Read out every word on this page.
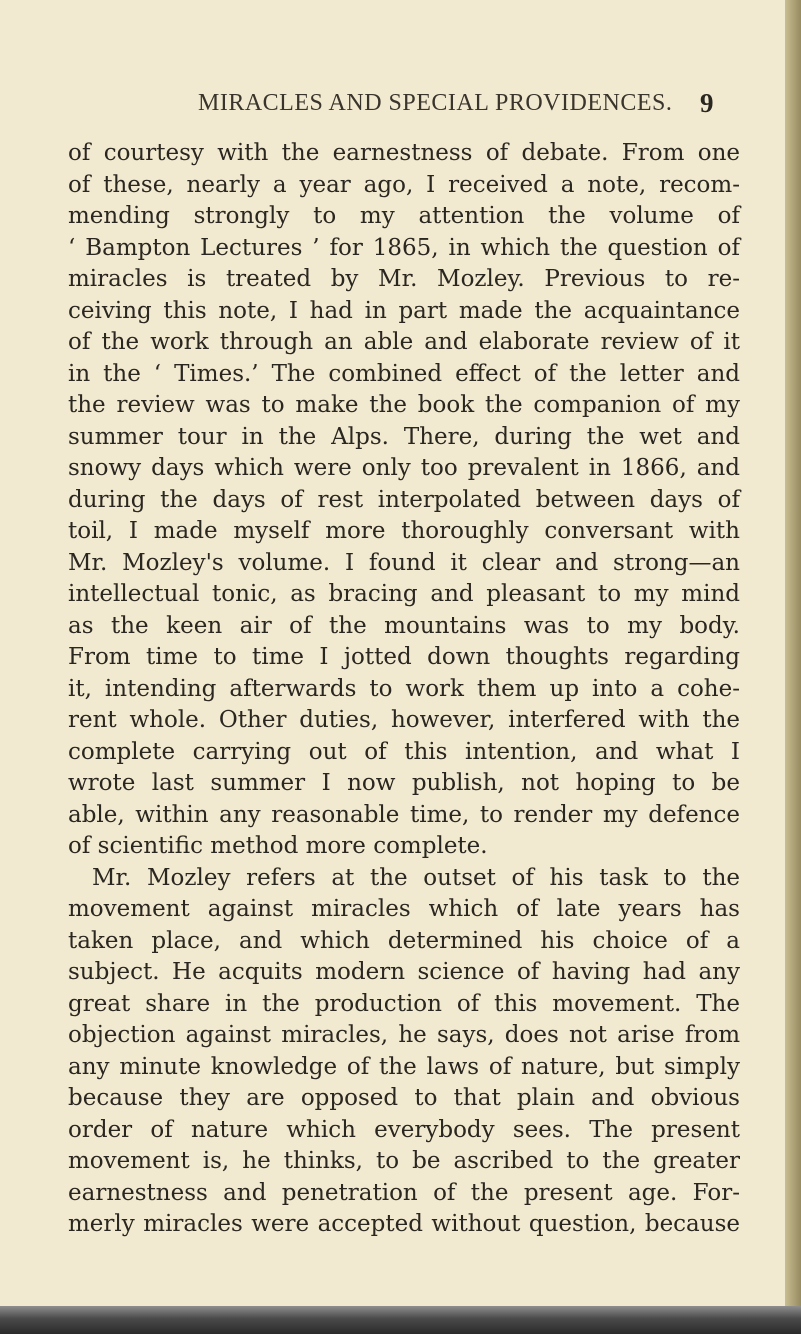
MIRACLES AND SPECIAL PROVIDENCES. 9
of courtesy with the earnestness of debate. From one
of these, nearly a year ago, I received a note, recom-
mending strongly to my attention the volume of
‘ Bampton Lectures ’ for 1865, in which the question of
miracles is treated by Mr. Mozley. Previous to re-
ceiving this note, I had in part made the acquaintance
of the work through an able and elaborate review of it
in the ‘ Times.’ The combined effect of the letter and
the review was to make the book the companion of my
summer tour in the Alps. There, during the wet and
snowy days which were only too prevalent in 1866, and
during the days of rest interpolated between days of
toil, I made myself more thoroughly conversant with
Mr. Mozley's volume. I found it clear and strong—an
intellectual tonic, as bracing and pleasant to my mind
as the keen air of the mountains was to my body.
From time to time I jotted down thoughts regarding
it, intending afterwards to work them up into a cohe-
rent whole. Other duties, however, interfered with the
complete carrying out of this intention, and what I
wrote last summer I now publish, not hoping to be
able, within any reasonable time, to render my defence
of scientific method more complete.
Mr. Mozley refers at the outset of his task to the
movement against miracles which of late years has
taken place, and which determined his choice of a
subject. He acquits modern science of having had any
great share in the production of this movement. The
objection against miracles, he says, does not arise from
any minute knowledge of the laws of nature, but simply
because they are opposed to that plain and obvious
order of nature which everybody sees. The present
movement is, he thinks, to be ascribed to the greater
earnestness and penetration of the present age. For-
merly miracles were accepted without question, because
